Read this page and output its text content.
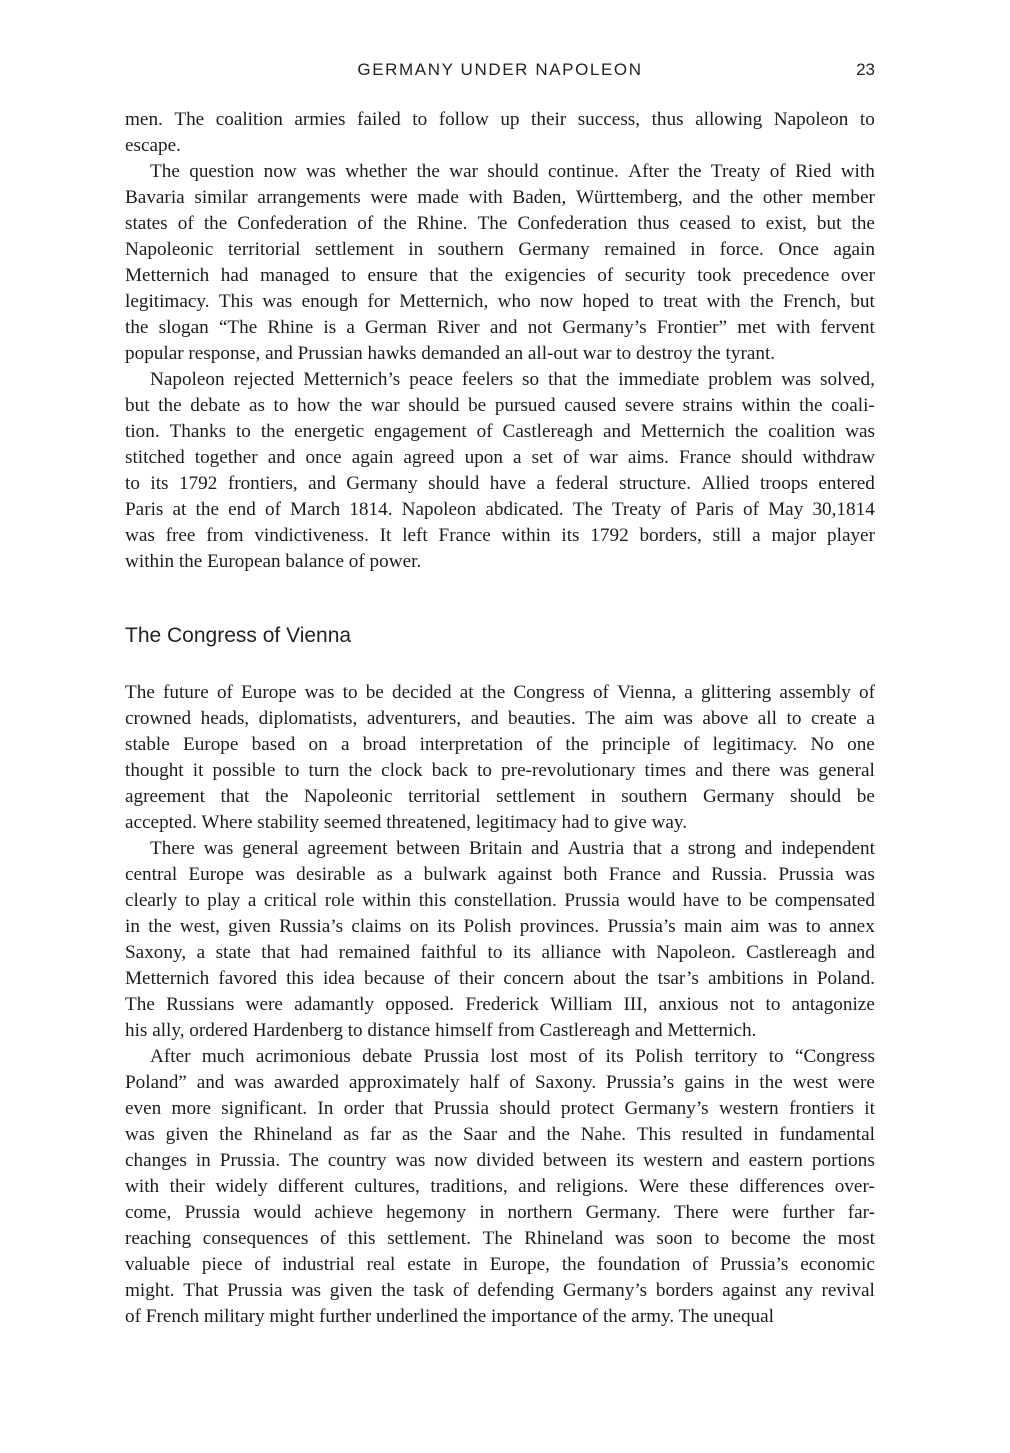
GERMANY UNDER NAPOLEON	23
men. The coalition armies failed to follow up their success, thus allowing Napoleon to
escape.
The question now was whether the war should continue. After the Treaty of Ried with
Bavaria similar arrangements were made with Baden, Württemberg, and the other member
states of the Confederation of the Rhine. The Confederation thus ceased to exist, but the
Napoleonic territorial settlement in southern Germany remained in force. Once again
Metternich had managed to ensure that the exigencies of security took precedence over
legitimacy. This was enough for Metternich, who now hoped to treat with the French, but
the slogan “The Rhine is a German River and not Germany’s Frontier” met with fervent
popular response, and Prussian hawks demanded an all-out war to destroy the tyrant.
Napoleon rejected Metternich’s peace feelers so that the immediate problem was solved,
but the debate as to how the war should be pursued caused severe strains within the coali-
tion. Thanks to the energetic engagement of Castlereagh and Metternich the coalition was
stitched together and once again agreed upon a set of war aims. France should withdraw
to its 1792 frontiers, and Germany should have a federal structure. Allied troops entered
Paris at the end of March 1814. Napoleon abdicated. The Treaty of Paris of May 30,1814
was free from vindictiveness. It left France within its 1792 borders, still a major player
within the European balance of power.
The Congress of Vienna
The future of Europe was to be decided at the Congress of Vienna, a glittering assembly of
crowned heads, diplomatists, adventurers, and beauties. The aim was above all to create a
stable Europe based on a broad interpretation of the principle of legitimacy. No one
thought it possible to turn the clock back to pre-revolutionary times and there was general
agreement that the Napoleonic territorial settlement in southern Germany should be
accepted. Where stability seemed threatened, legitimacy had to give way.
There was general agreement between Britain and Austria that a strong and independent
central Europe was desirable as a bulwark against both France and Russia. Prussia was
clearly to play a critical role within this constellation. Prussia would have to be compensated
in the west, given Russia’s claims on its Polish provinces. Prussia’s main aim was to annex
Saxony, a state that had remained faithful to its alliance with Napoleon. Castlereagh and
Metternich favored this idea because of their concern about the tsar’s ambitions in Poland.
The Russians were adamantly opposed. Frederick William III, anxious not to antagonize
his ally, ordered Hardenberg to distance himself from Castlereagh and Metternich.
After much acrimonious debate Prussia lost most of its Polish territory to “Congress
Poland” and was awarded approximately half of Saxony. Prussia’s gains in the west were
even more significant. In order that Prussia should protect Germany’s western frontiers it
was given the Rhineland as far as the Saar and the Nahe. This resulted in fundamental
changes in Prussia. The country was now divided between its western and eastern portions
with their widely different cultures, traditions, and religions. Were these differences over-
come, Prussia would achieve hegemony in northern Germany. There were further far-
reaching consequences of this settlement. The Rhineland was soon to become the most
valuable piece of industrial real estate in Europe, the foundation of Prussia’s economic
might. That Prussia was given the task of defending Germany’s borders against any revival
of French military might further underlined the importance of the army. The unequal
